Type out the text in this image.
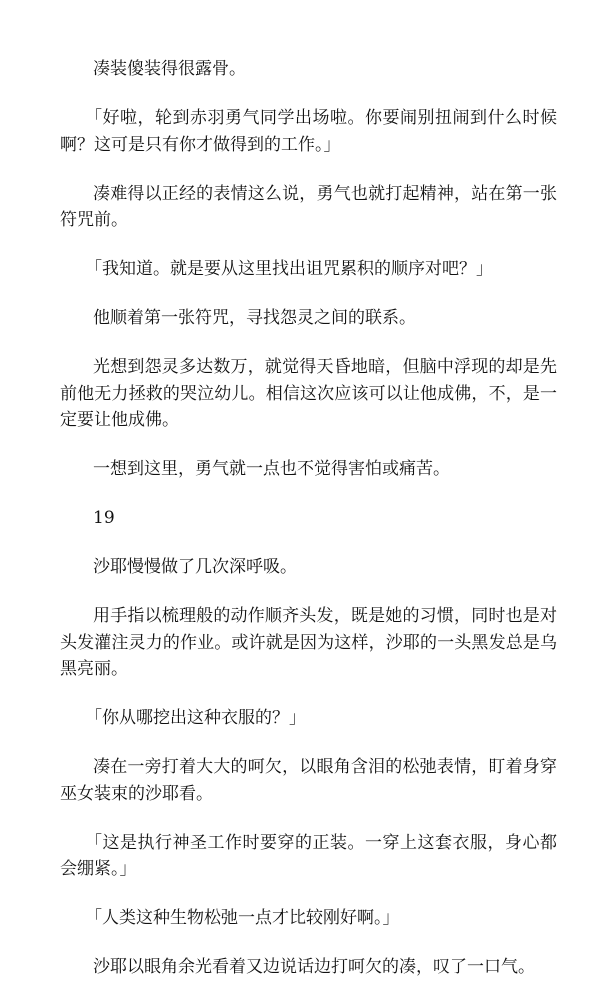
凑装傻装得很露骨。

「好啦，轮到赤羽勇气同学出场啦。你要闹别扭闹到什么时候啊？这可是只有你才做得到的工作。」

凑难得以正经的表情这么说，勇气也就打起精神，站在第一张符咒前。

「我知道。就是要从这里找出诅咒累积的顺序对吧？」

他顺着第一张符咒，寻找怨灵之间的联系。

光想到怨灵多达数万，就觉得天昏地暗，但脑中浮现的却是先前他无力拯救的哭泣幼儿。相信这次应该可以让他成佛，不，是一定要让他成佛。

一想到这里，勇气就一点也不觉得害怕或痛苦。

19

沙耶慢慢做了几次深呼吸。

用手指以梳理般的动作顺齐头发，既是她的习惯，同时也是对头发灌注灵力的作业。或许就是因为这样，沙耶的一头黑发总是乌黑亮丽。

「你从哪挖出这种衣服的？」

凑在一旁打着大大的呵欠，以眼角含泪的松弛表情，盯着身穿巫女装束的沙耶看。

「这是执行神圣工作时要穿的正装。一穿上这套衣服，身心都会绷紧。」

「人类这种生物松弛一点才比较刚好啊。」

沙耶以眼角余光看着又边说话边打呵欠的凑，叹了一口气。
